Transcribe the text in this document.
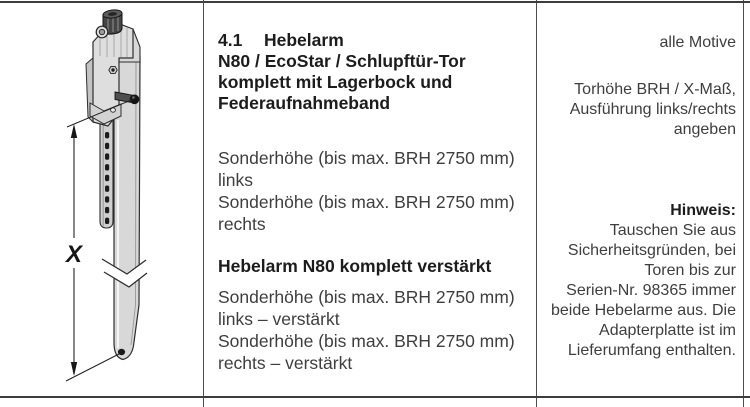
X
4.1 Hebelarm
N80 / EcoStar / Schlupftür-Tor
komplett mit Lagerbock und
Federaufnahmeband
Sonderhöhe (bis max. BRH 2750 mm)
links
Sonderhöhe (bis max. BRH 2750 mm)
rechts
Hebelarm N80 komplett verstärkt
Sonderhöhe (bis max. BRH 2750 mm)
links – verstärkt
Sonderhöhe (bis max. BRH 2750 mm)
rechts – verstärkt
alle Motive
Torhöhe BRH / X-Maß,
Ausführung links/rechts
angeben
Hinweis:
Tauschen Sie aus
Sicherheitsgründen, bei
Toren bis zur
Serien-Nr. 98365 immer
beide Hebelarme aus. Die
Adapterplatte ist im
Lieferumfang enthalten.
